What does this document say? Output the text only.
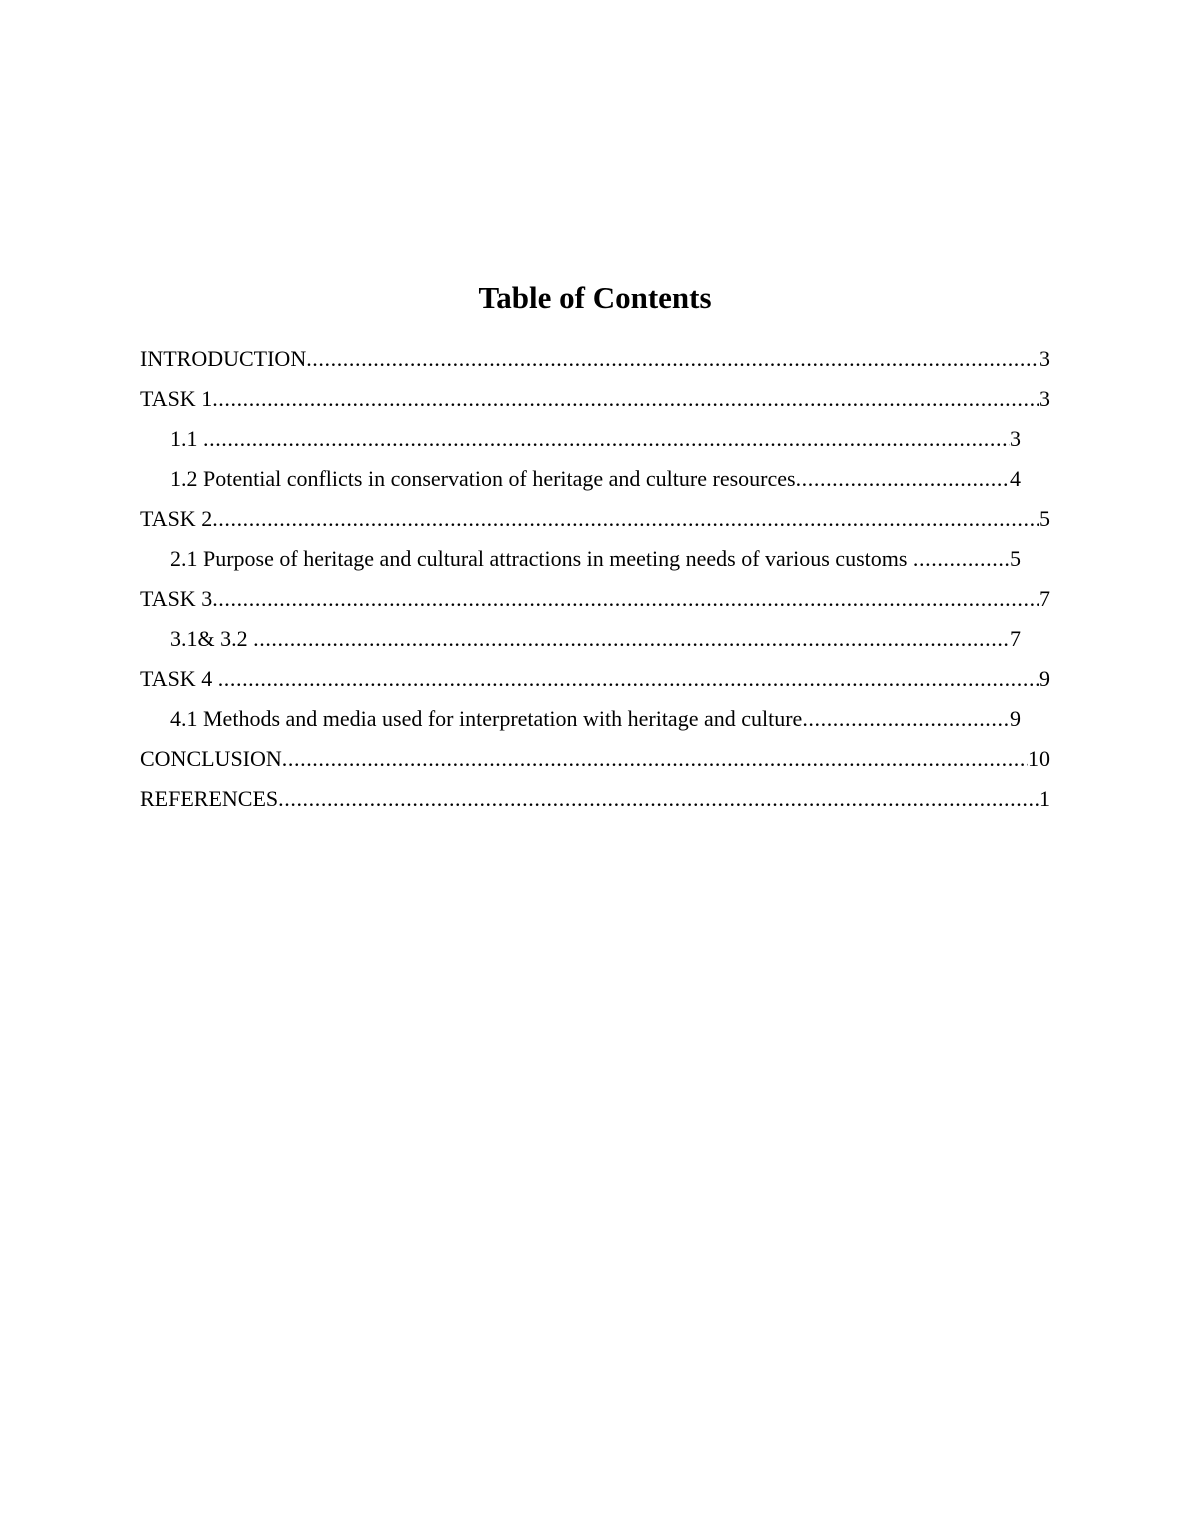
Table of Contents
INTRODUCTION .....	3
TASK 1 .....	3
1.1 .....	3
1.2 Potential conflicts in conservation of heritage and culture resources .....	4
TASK 2 .....	5
2.1 Purpose of heritage and cultural attractions in meeting needs of various customs .....	5
TASK 3 .....	7
3.1& 3.2 .....	7
TASK 4 .....	9
4.1 Methods and media used for interpretation with heritage and culture .....	9
CONCLUSION .....	10
REFERENCES .....	1
